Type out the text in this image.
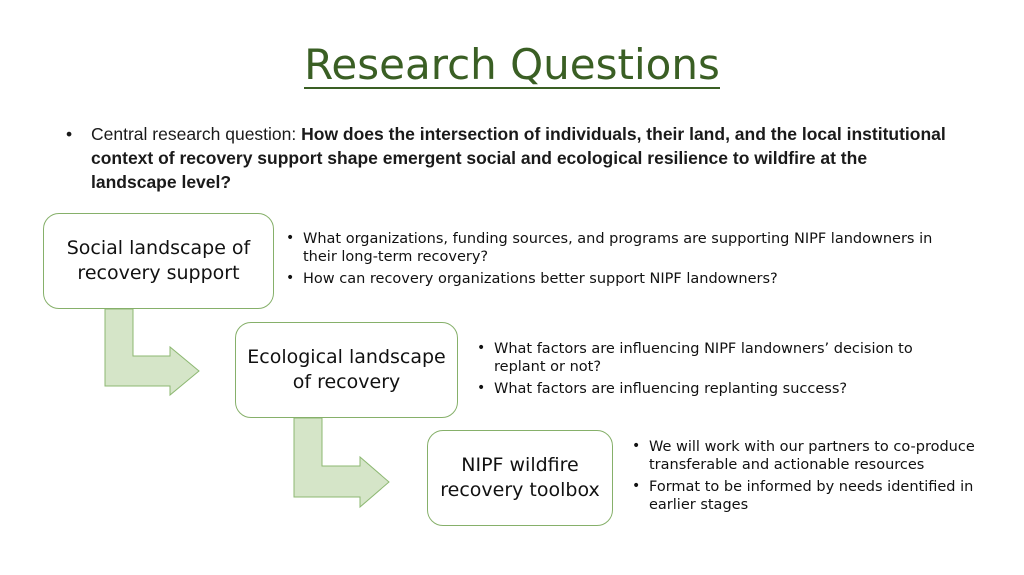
Research Questions
• Central research question: How does the intersection of individuals, their land, and the local institutional context of recovery support shape emergent social and ecological resilience to wildfire at the landscape level?
Social landscape of recovery support
Ecological landscape of recovery
NIPF wildfire recovery toolbox
• What organizations, funding sources, and programs are supporting NIPF landowners in their long-term recovery?
• How can recovery organizations better support NIPF landowners?
• What factors are influencing NIPF landowners’ decision to replant or not?
• What factors are influencing replanting success?
• We will work with our partners to co-produce transferable and actionable resources
• Format to be informed by needs identified in earlier stages
